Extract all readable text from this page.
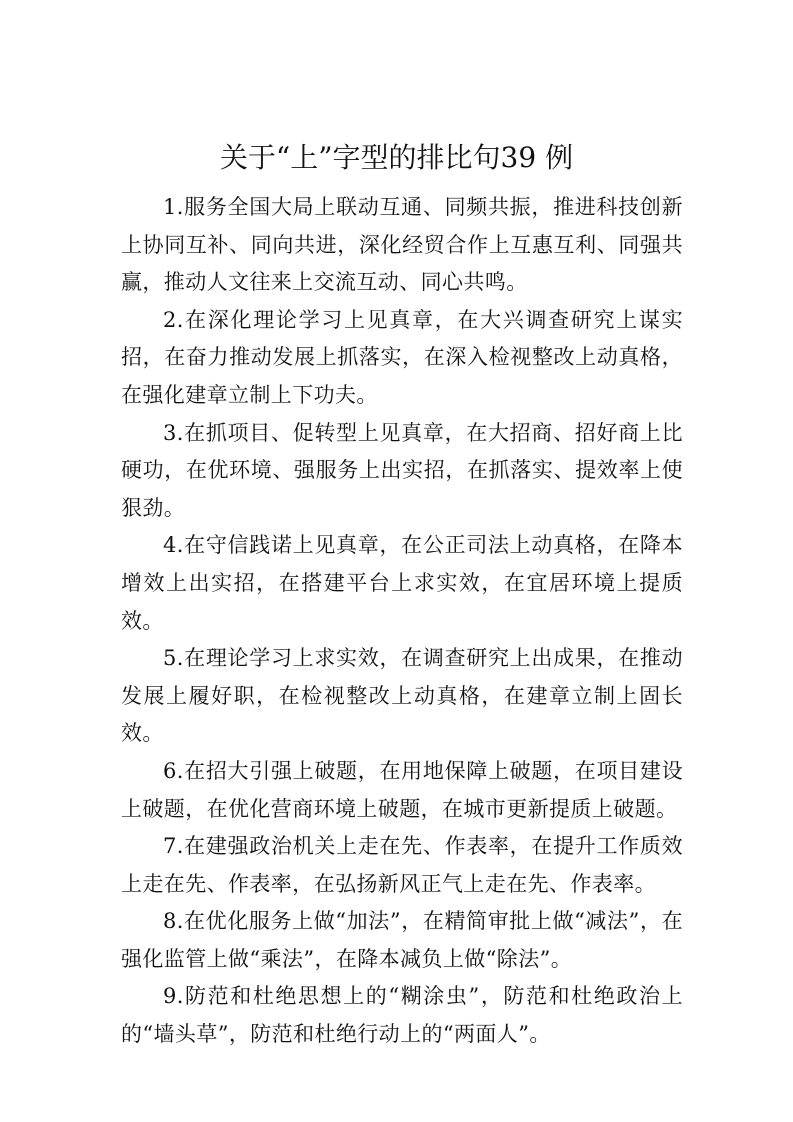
关于“上”字型的排比句39 例

1.服务全国大局上联动互通、同频共振，推进科技创新上协同互补、同向共进，深化经贸合作上互惠互利、同强共赢，推动人文往来上交流互动、同心共鸣。

2.在深化理论学习上见真章，在大兴调查研究上谋实招，在奋力推动发展上抓落实，在深入检视整改上动真格，在强化建章立制上下功夫。

3.在抓项目、促转型上见真章，在大招商、招好商上比硬功，在优环境、强服务上出实招，在抓落实、提效率上使狠劲。

4.在守信践诺上见真章，在公正司法上动真格，在降本增效上出实招，在搭建平台上求实效，在宜居环境上提质效。

5.在理论学习上求实效，在调查研究上出成果，在推动发展上履好职，在检视整改上动真格，在建章立制上固长效。

6.在招大引强上破题，在用地保障上破题，在项目建设上破题，在优化营商环境上破题，在城市更新提质上破题。

7.在建强政治机关上走在先、作表率，在提升工作质效上走在先、作表率，在弘扬新风正气上走在先、作表率。

8.在优化服务上做“加法”，在精简审批上做“减法”，在强化监管上做“乘法”，在降本减负上做“除法”。

9.防范和杜绝思想上的“糊涂虫”，防范和杜绝政治上的“墙头草”，防范和杜绝行动上的“两面人”。
